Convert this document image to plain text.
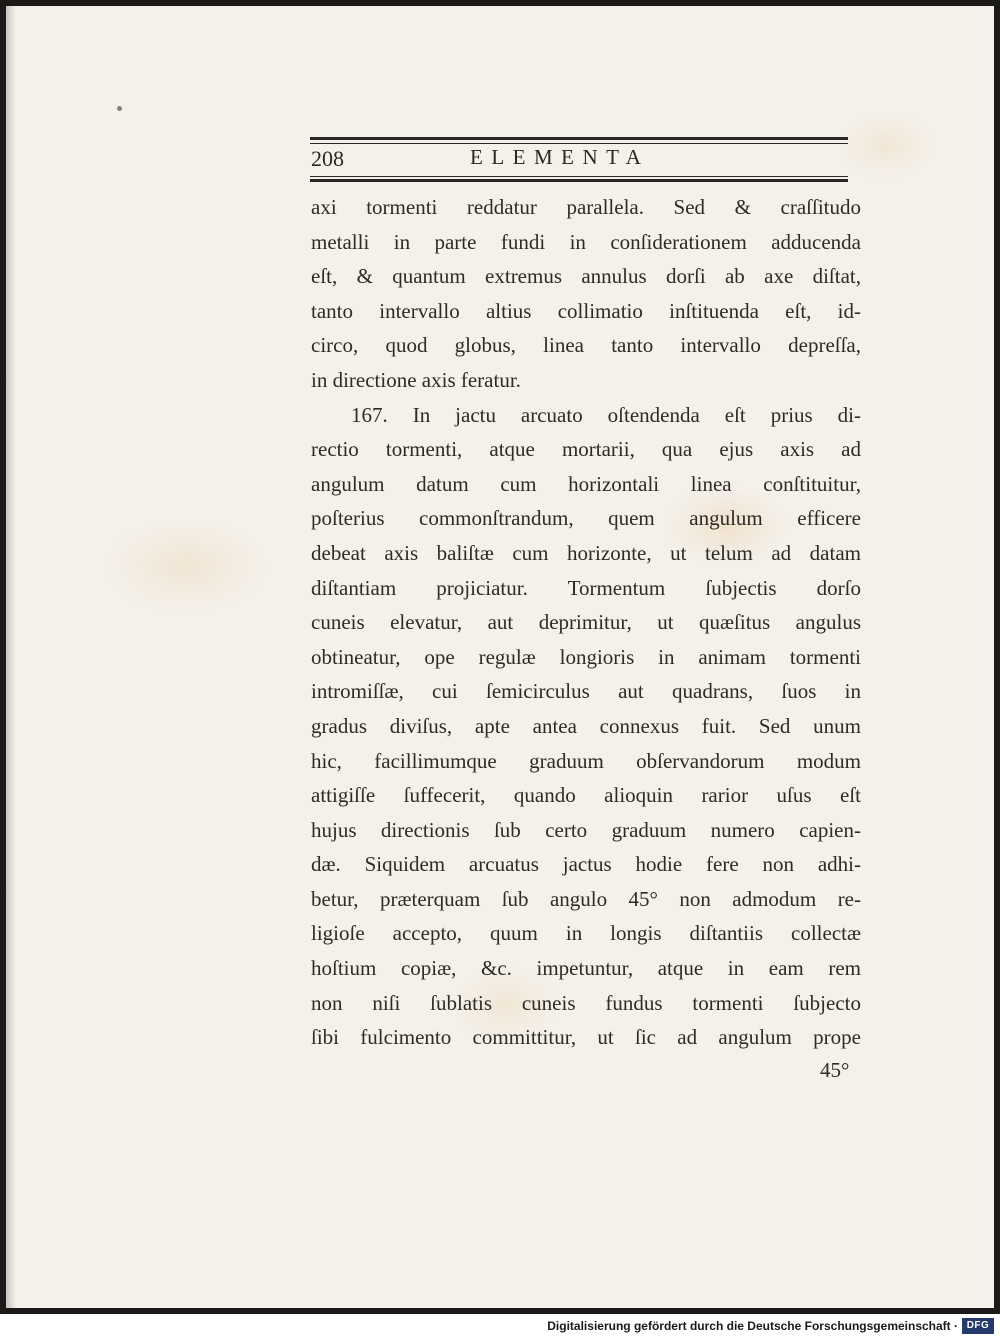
208	ELEMENTA
axi tormenti reddatur parallela. Sed & craſſitudo
metalli in parte fundi in conſiderationem adducenda
eſt, & quantum extremus annulus dorſi ab axe diſtat,
tanto intervallo altius collimatio inſtituenda eſt, id-
circo, quod globus, linea tanto intervallo depreſſa,
in directione axis feratur.
167. In jactu arcuato oſtendenda eſt prius di-
rectio tormenti, atque mortarii, qua ejus axis ad
angulum datum cum horizontali linea conſtituitur,
poſterius commonſtrandum, quem angulum efficere
debeat axis baliſtæ cum horizonte, ut telum ad datam
diſtantiam projiciatur. Tormentum ſubjectis dorſo
cuneis elevatur, aut deprimitur, ut quæſitus angulus
obtineatur, ope regulæ longioris in animam tormenti
intromiſſæ, cui ſemicirculus aut quadrans, ſuos in
gradus diviſus, apte antea connexus fuit. Sed unum
hic, facillimumque graduum obſervandorum modum
attigiſſe ſuffecerit, quando alioquin rarior uſus eſt
hujus directionis ſub certo graduum numero capien-
dæ. Siquidem arcuatus jactus hodie fere non adhi-
betur, præterquam ſub angulo 45° non admodum re-
ligioſe accepto, quum in longis diſtantiis collectæ
hoſtium copiæ, &c. impetuntur, atque in eam rem
non niſi ſublatis cuneis fundus tormenti ſubjecto
ſibi fulcimento committitur, ut ſic ad angulum prope
45°
Digitalisierung gefördert durch die Deutsche Forschungsgemeinschaft · DFG
